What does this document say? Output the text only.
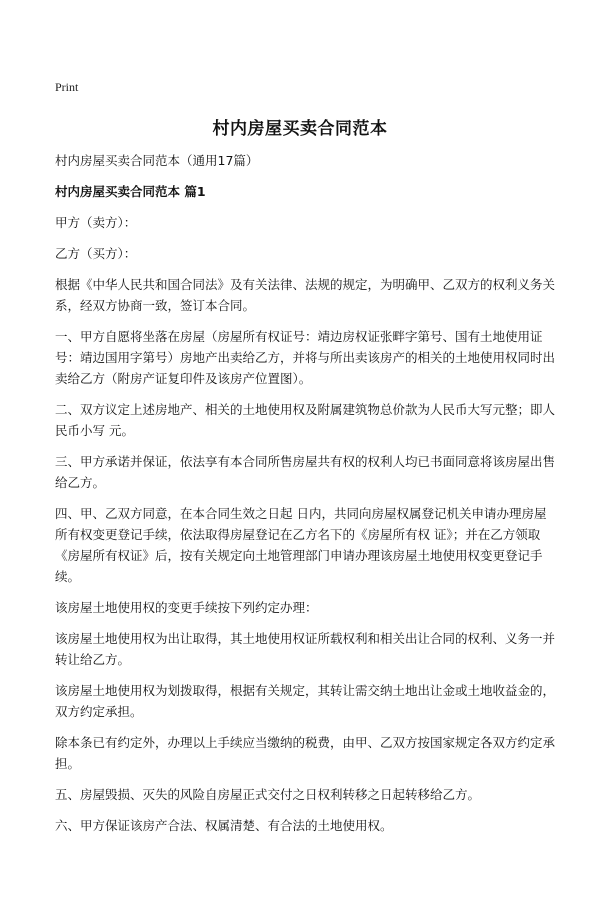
Print
村内房屋买卖合同范本

村内房屋买卖合同范本（通用17篇）

村内房屋买卖合同范本 篇1

甲方（卖方）：

乙方（买方）：

根据《中华人民共和国合同法》及有关法律、法规的规定，为明确甲、乙双方的权利义务关系，经双方协商一致，签订本合同。

一、甲方自愿将坐落在房屋（房屋所有权证号：靖边房权证张畔字第号、国有土地使用证号：靖边国用字第号）房地产出卖给乙方，并将与所出卖该房产的相关的土地使用权同时出卖给乙方（附房产证复印件及该房产位置图）。

二、双方议定上述房地产、相关的土地使用权及附属建筑物总价款为人民币大写元整；即人民币小写 元。

三、甲方承诺并保证，依法享有本合同所售房屋共有权的权利人均已书面同意将该房屋出售给乙方。

四、甲、乙双方同意，在本合同生效之日起 日内，共同向房屋权属登记机关申请办理房屋所有权变更登记手续，依法取得房屋登记在乙方名下的《房屋所有权 证》；并在乙方领取《房屋所有权证》后，按有关规定向土地管理部门申请办理该房屋土地使用权变更登记手续。

该房屋土地使用权的变更手续按下列约定办理：

该房屋土地使用权为出让取得，其土地使用权证所载权利和相关出让合同的权利、义务一并转让给乙方。

该房屋土地使用权为划拨取得，根据有关规定，其转让需交纳土地出让金或土地收益金的，双方约定承担。

除本条已有约定外，办理以上手续应当缴纳的税费，由甲、乙双方按国家规定各双方约定承担。

五、房屋毁损、灭失的风险自房屋正式交付之日权利转移之日起转移给乙方。

六、甲方保证该房产合法、权属清楚、有合法的土地使用权。
